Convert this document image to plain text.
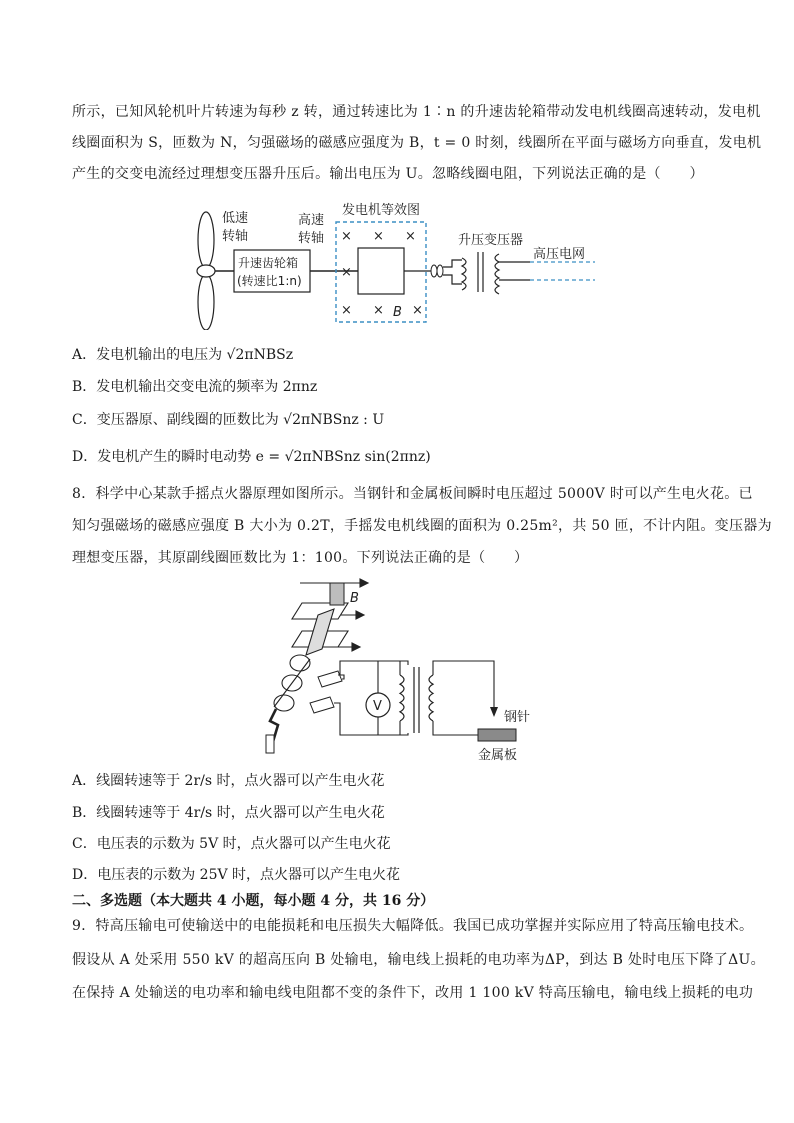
所示，已知风轮机叶片转速为每秒 z 转，通过转速比为 1∶n 的升速齿轮箱带动发电机线圈高速转动，发电机
线圈面积为 S，匝数为 N，匀强磁场的磁感应强度为 B，t = 0 时刻，线圈所在平面与磁场方向垂直，发电机
产生的交变电流经过理想变压器升压后。输出电压为 U。忽略线圈电阻，下列说法正确的是（　　）
低速
转轴
升速齿轮箱
(转速比1:n)
高速
转轴
发电机等效图
× × ×
×
× × ×
B
升压变压器
高压电网
A．发电机输出的电压为 √2πNBSz
B．发电机输出交变电流的频率为 2πnz
C．变压器原、副线圈的匝数比为 √2πNBSnz : U
D．发电机产生的瞬时电动势 e = √2πNBSnz sin(2πnz)
8．科学中心某款手摇点火器原理如图所示。当钢针和金属板间瞬时电压超过 5000V 时可以产生电火花。已
知匀强磁场的磁感应强度 B 大小为 0.2T，手摇发电机线圈的面积为 0.25m²，共 50 匝，不计内阻。变压器为
理想变压器，其原副线圈匝数比为 1：100。下列说法正确的是（　　）
B
V
钢针
金属板
A．线圈转速等于 2r/s 时，点火器可以产生电火花
B．线圈转速等于 4r/s 时，点火器可以产生电火花
C．电压表的示数为 5V 时，点火器可以产生电火花
D．电压表的示数为 25V 时，点火器可以产生电火花
二、多选题（本大题共 4 小题，每小题 4 分，共 16 分）
9．特高压输电可使输送中的电能损耗和电压损失大幅降低。我国已成功掌握并实际应用了特高压输电技术。
假设从 A 处采用 550 kV 的超高压向 B 处输电，输电线上损耗的电功率为ΔP，到达 B 处时电压下降了ΔU。
在保持 A 处输送的电功率和输电线电阻都不变的条件下，改用 1 100 kV 特高压输电，输电线上损耗的电功
